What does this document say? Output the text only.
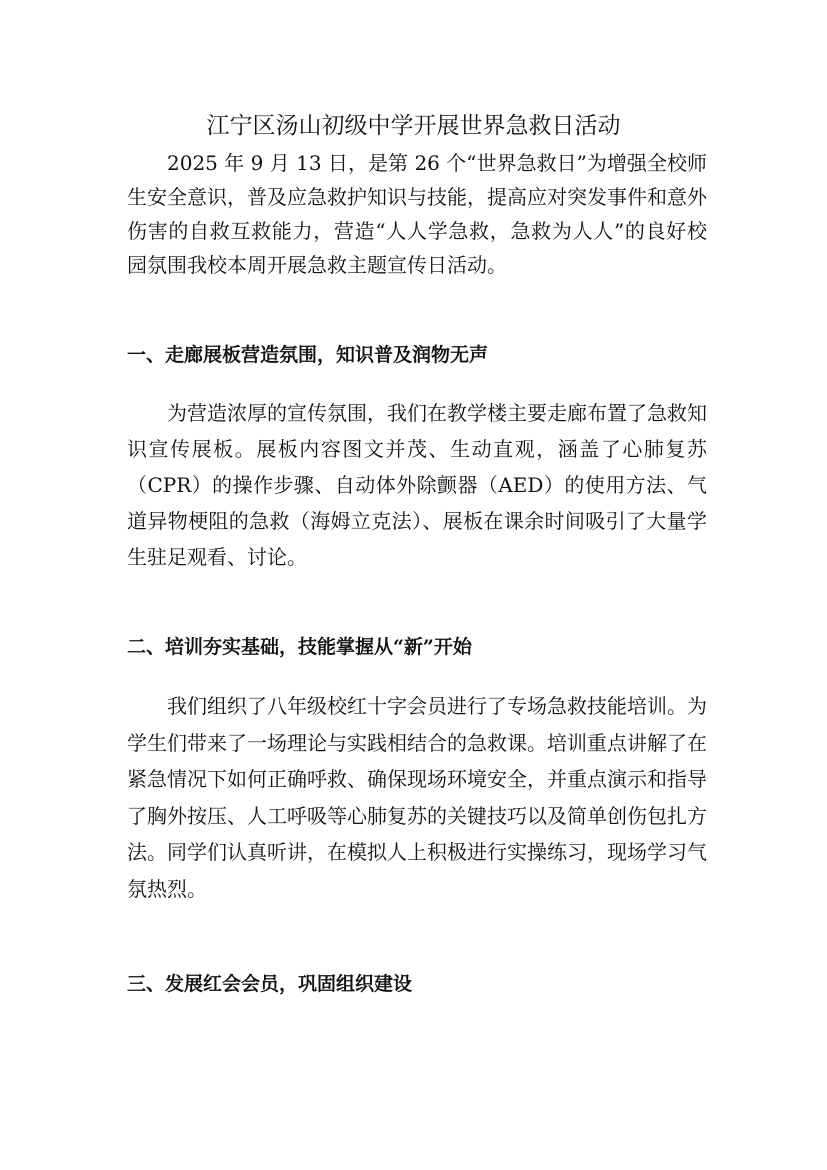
江宁区汤山初级中学开展世界急救日活动
2025 年 9 月 13 日，是第 26 个“世界急救日”为增强全校师生安全意识，普及应急救护知识与技能，提高应对突发事件和意外伤害的自救互救能力，营造“人人学急救，急救为人人”的良好校园氛围我校本周开展急救主题宣传日活动。
一、走廊展板营造氛围，知识普及润物无声
为营造浓厚的宣传氛围，我们在教学楼主要走廊布置了急救知识宣传展板。展板内容图文并茂、生动直观，涵盖了心肺复苏（CPR）的操作步骤、自动体外除颤器（AED）的使用方法、气道异物梗阻的急救（海姆立克法）、展板在课余时间吸引了大量学生驻足观看、讨论。
二、培训夯实基础，技能掌握从“新”开始
我们组织了八年级校红十字会员进行了专场急救技能培训。为学生们带来了一场理论与实践相结合的急救课。培训重点讲解了在紧急情况下如何正确呼救、确保现场环境安全，并重点演示和指导了胸外按压、人工呼吸等心肺复苏的关键技巧以及简单创伤包扎方法。同学们认真听讲，在模拟人上积极进行实操练习，现场学习气氛热烈。
三、发展红会会员，巩固组织建设
